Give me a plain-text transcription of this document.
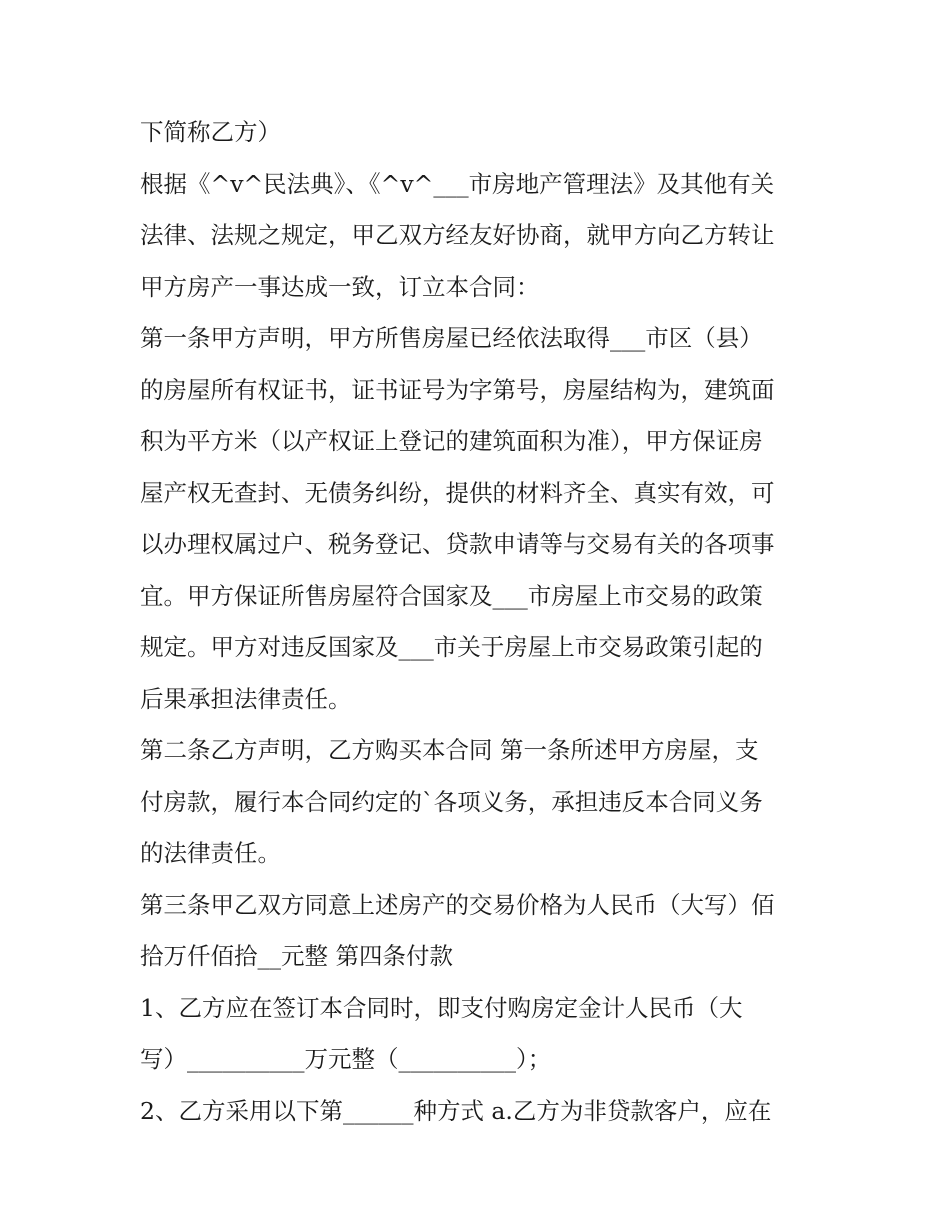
下简称乙方）
根据《^v^民法典》、《^v^___市房地产管理法》及其他有关
法律、法规之规定，甲乙双方经友好协商，就甲方向乙方转让
甲方房产一事达成一致，订立本合同：
第一条甲方声明，甲方所售房屋已经依法取得___市区（县）
的房屋所有权证书，证书证号为字第号，房屋结构为，建筑面
积为平方米（以产权证上登记的建筑面积为准），甲方保证房
屋产权无查封、无债务纠纷，提供的材料齐全、真实有效，可
以办理权属过户、税务登记、贷款申请等与交易有关的各项事
宜。甲方保证所售房屋符合国家及___市房屋上市交易的政策
规定。甲方对违反国家及___市关于房屋上市交易政策引起的
后果承担法律责任。
第二条乙方声明，乙方购买本合同 第一条所述甲方房屋，支
付房款，履行本合同约定的`各项义务，承担违反本合同义务
的法律责任。
第三条甲乙双方同意上述房产的交易价格为人民币（大写）佰
拾万仟佰拾__元整 第四条付款
1、乙方应在签订本合同时，即支付购房定金计人民币（大
写）__________万元整（__________）；
2、乙方采用以下第______种方式 a.乙方为非贷款客户，应在
